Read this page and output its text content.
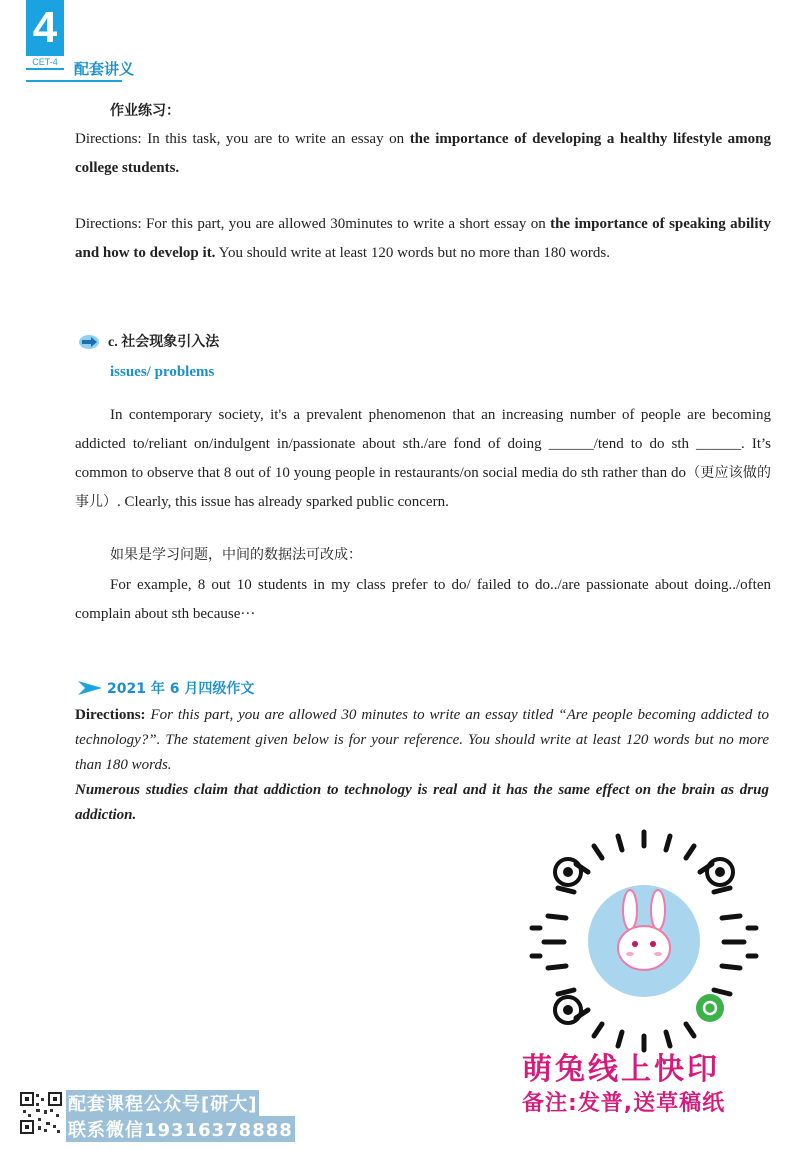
4
CET-4	配套讲义
作业练习：
Directions: In this task, you are to write an essay on the importance of developing a healthy lifestyle among college students.
Directions: For this part, you are allowed 30minutes to write a short essay on the importance of speaking ability and how to develop it. You should write at least 120 words but no more than 180 words.
c. 社会现象引入法
issues/ problems
In contemporary society, it's a prevalent phenomenon that an increasing number of people are becoming addicted to/reliant on/indulgent in/passionate about sth./are fond of doing ______/tend to do sth ______. It’s common to observe that 8 out of 10 young people in restaurants/on social media do sth rather than do（更应该做的事儿）. Clearly, this issue has already sparked public concern.
如果是学习问题，中间的数据法可改成：
For example, 8 out 10 students in my class prefer to do/ failed to do../are passionate about doing../often complain about sth because···
2021 年 6 月四级作文
Directions: For this part, you are allowed 30 minutes to write an essay titled “Are people becoming addicted to technology?”. The statement given below is for your reference. You should write at least 120 words but no more than 180 words.
Numerous studies claim that addiction to technology is real and it has the same effect on the brain as drug addiction.
萌兔线上快印
备注:发普,送草稿纸
配套课程公众号[研大]
联系微信19316378888
